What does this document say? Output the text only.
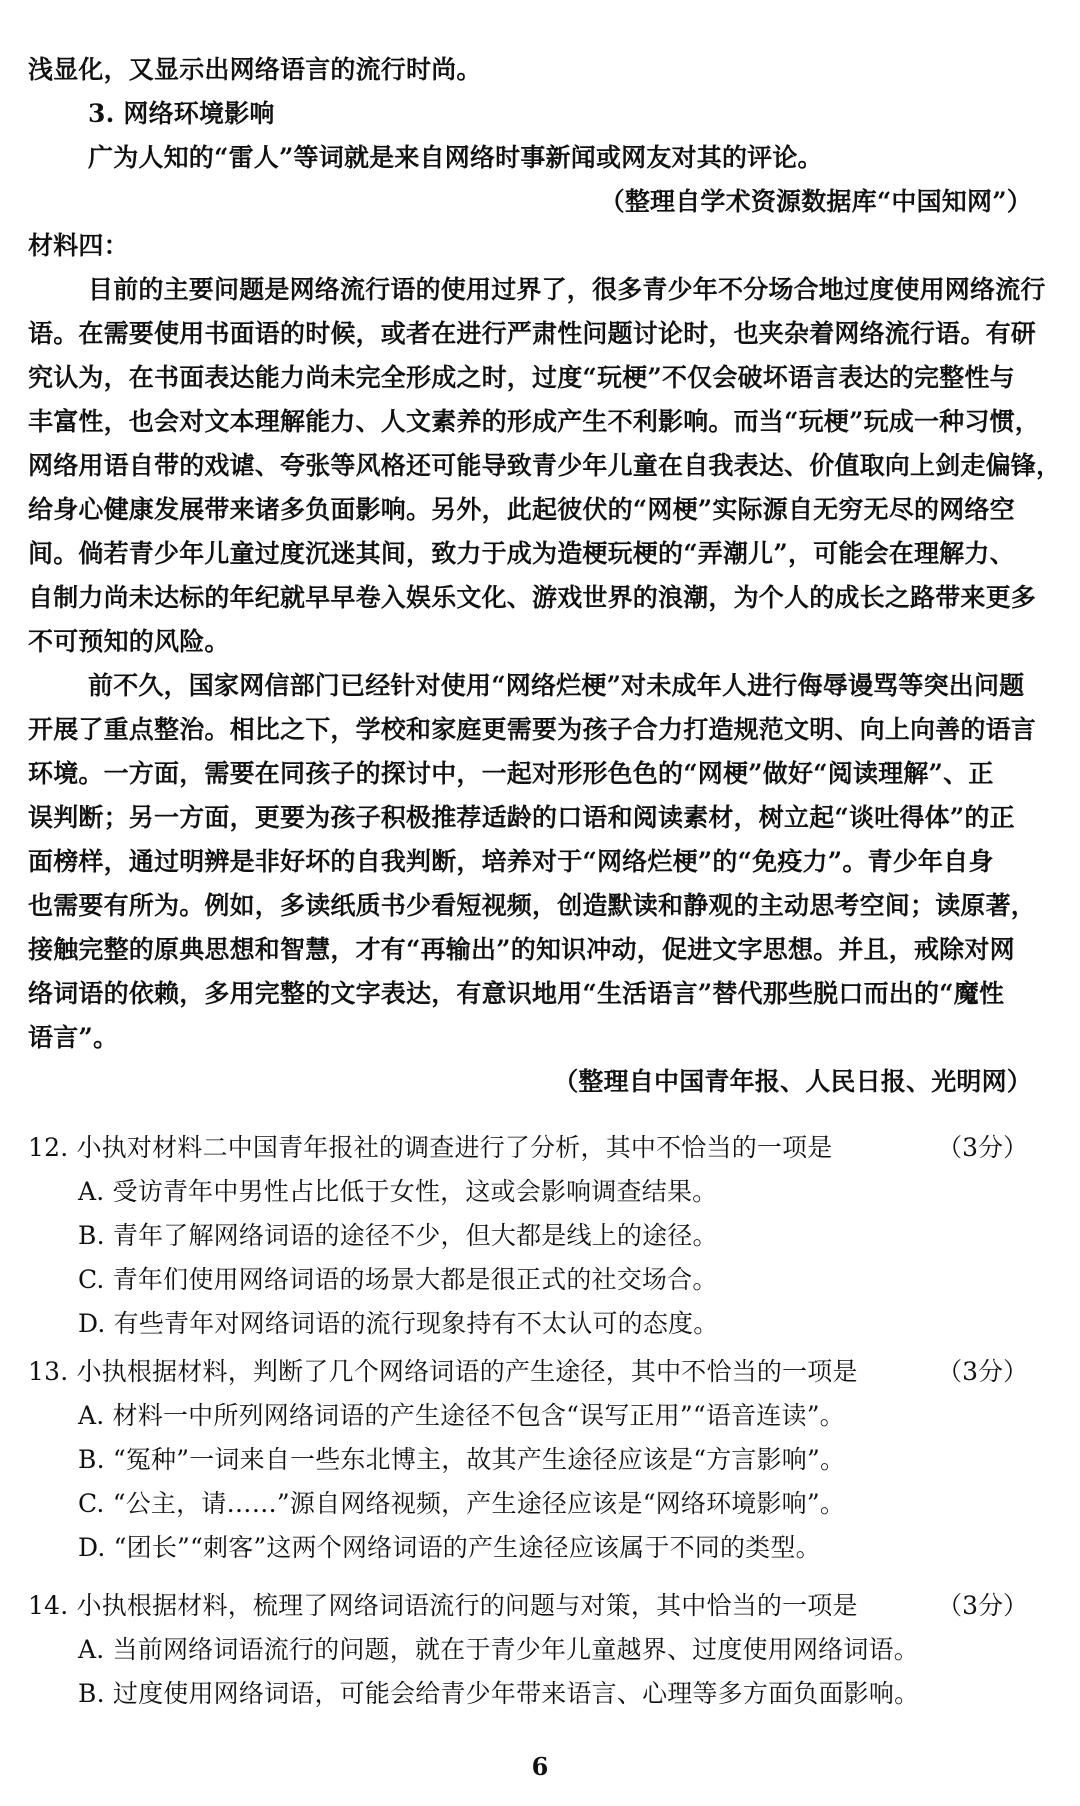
浅显化，又显示出网络语言的流行时尚。
3. 网络环境影响
广为人知的“雷人”等词就是来自网络时事新闻或网友对其的评论。
（整理自学术资源数据库“中国知网”）
材料四：
目前的主要问题是网络流行语的使用过界了，很多青少年不分场合地过度使用网络流行
语。在需要使用书面语的时候，或者在进行严肃性问题讨论时，也夹杂着网络流行语。有研
究认为，在书面表达能力尚未完全形成之时，过度“玩梗”不仅会破坏语言表达的完整性与
丰富性，也会对文本理解能力、人文素养的形成产生不利影响。而当“玩梗”玩成一种习惯，
网络用语自带的戏谑、夸张等风格还可能导致青少年儿童在自我表达、价值取向上剑走偏锋，
给身心健康发展带来诸多负面影响。另外，此起彼伏的“网梗”实际源自无穷无尽的网络空
间。倘若青少年儿童过度沉迷其间，致力于成为造梗玩梗的“弄潮儿”，可能会在理解力、
自制力尚未达标的年纪就早早卷入娱乐文化、游戏世界的浪潮，为个人的成长之路带来更多
不可预知的风险。
前不久，国家网信部门已经针对使用“网络烂梗”对未成年人进行侮辱谩骂等突出问题
开展了重点整治。相比之下，学校和家庭更需要为孩子合力打造规范文明、向上向善的语言
环境。一方面，需要在同孩子的探讨中，一起对形形色色的“网梗”做好“阅读理解”、正
误判断；另一方面，更要为孩子积极推荐适龄的口语和阅读素材，树立起“谈吐得体”的正
面榜样，通过明辨是非好坏的自我判断，培养对于“网络烂梗”的“免疫力”。青少年自身
也需要有所为。例如，多读纸质书少看短视频，创造默读和静观的主动思考空间；读原著，
接触完整的原典思想和智慧，才有“再输出”的知识冲动，促进文字思想。并且，戒除对网
络词语的依赖，多用完整的文字表达，有意识地用“生活语言”替代那些脱口而出的“魔性
语言”。
（整理自中国青年报、人民日报、光明网）
12. 小执对材料二中国青年报社的调查进行了分析，其中不恰当的一项是	（3分）
A. 受访青年中男性占比低于女性，这或会影响调查结果。
B. 青年了解网络词语的途径不少，但大都是线上的途径。
C. 青年们使用网络词语的场景大都是很正式的社交场合。
D. 有些青年对网络词语的流行现象持有不太认可的态度。
13. 小执根据材料，判断了几个网络词语的产生途径，其中不恰当的一项是	（3分）
A. 材料一中所列网络词语的产生途径不包含“误写正用”“语音连读”。
B. “冤种”一词来自一些东北博主，故其产生途径应该是“方言影响”。
C. “公主，请……”源自网络视频，产生途径应该是“网络环境影响”。
D. “团长”“刺客”这两个网络词语的产生途径应该属于不同的类型。
14. 小执根据材料，梳理了网络词语流行的问题与对策，其中恰当的一项是	（3分）
A. 当前网络词语流行的问题，就在于青少年儿童越界、过度使用网络词语。
B. 过度使用网络词语，可能会给青少年带来语言、心理等多方面负面影响。
6
